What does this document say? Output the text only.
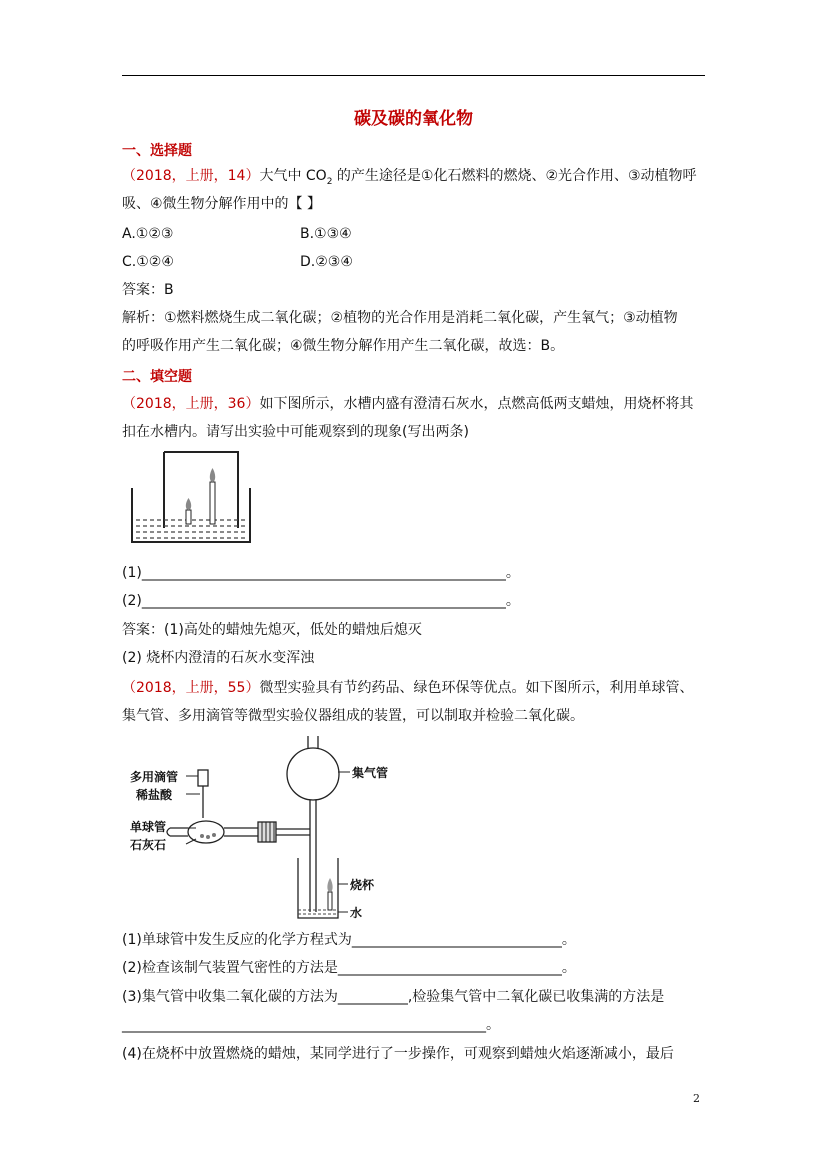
碳及碳的氧化物
一、选择题
（2018，上册，14）大气中 $CO_2$ 的产生途径是①化石燃料的燃烧、②光合作用、③动植物呼
吸、④微生物分解作用中的【 】
A.①②③	B.①③④
C.①②④	D.②③④
答案：B
解析：①燃料燃烧生成二氧化碳；②植物的光合作用是消耗二氧化碳，产生氧气；③动植物
的呼吸作用产生二氧化碳；④微生物分解作用产生二氧化碳，故选：B。
二、填空题
（2018，上册，36）如下图所示，水槽内盛有澄清石灰水，点燃高低两支蜡烛，用烧杯将其
扣在水槽内。请写出实验中可能观察到的现象(写出两条)
(1)____________________________________________________。
(2)____________________________________________________。
答案：(1)高处的蜡烛先熄灭，低处的蜡烛后熄灭
(2) 烧杯内澄清的石灰水变浑浊
（2018，上册，55）微型实验具有节约药品、绿色环保等优点。如下图所示，利用单球管、
集气管、多用滴管等微型实验仪器组成的装置，可以制取并检验二氧化碳。
多用滴管
稀盐酸
单球管
石灰石
集气管
烧杯
水
(1)单球管中发生反应的化学方程式为______________________________。
(2)检查该制气装置气密性的方法是________________________________。
(3)集气管中收集二氧化碳的方法为__________,检验集气管中二氧化碳已收集满的方法是
____________________________________________________。
(4)在烧杯中放置燃烧的蜡烛，某同学进行了一步操作，可观察到蜡烛火焰逐渐减小，最后
2
